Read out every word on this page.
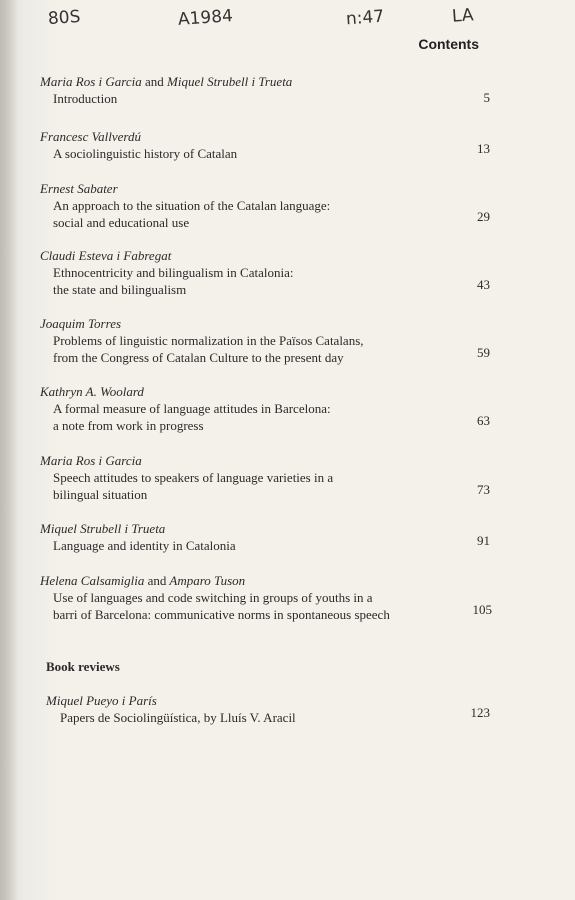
80S	A1984	n:47	LA
Contents
Maria Ros i Garcia and Miquel Strubell i Trueta
Introduction	5
Francesc Vallverdú
A sociolinguistic history of Catalan	13
Ernest Sabater
An approach to the situation of the Catalan language:
social and educational use	29
Claudi Esteva i Fabregat
Ethnocentricity and bilingualism in Catalonia:
the state and bilingualism	43
Joaquim Torres
Problems of linguistic normalization in the Països Catalans,
from the Congress of Catalan Culture to the present day	59
Kathryn A. Woolard
A formal measure of language attitudes in Barcelona:
a note from work in progress	63
Maria Ros i Garcia
Speech attitudes to speakers of language varieties in a
bilingual situation	73
Miquel Strubell i Trueta
Language and identity in Catalonia	91
Helena Calsamiglia and Amparo Tuson
Use of languages and code switching in groups of youths in a
barri of Barcelona: communicative norms in spontaneous speech	105
Book reviews
Miquel Pueyo i París
Papers de Sociolingüística, by Lluís V. Aracil	123
